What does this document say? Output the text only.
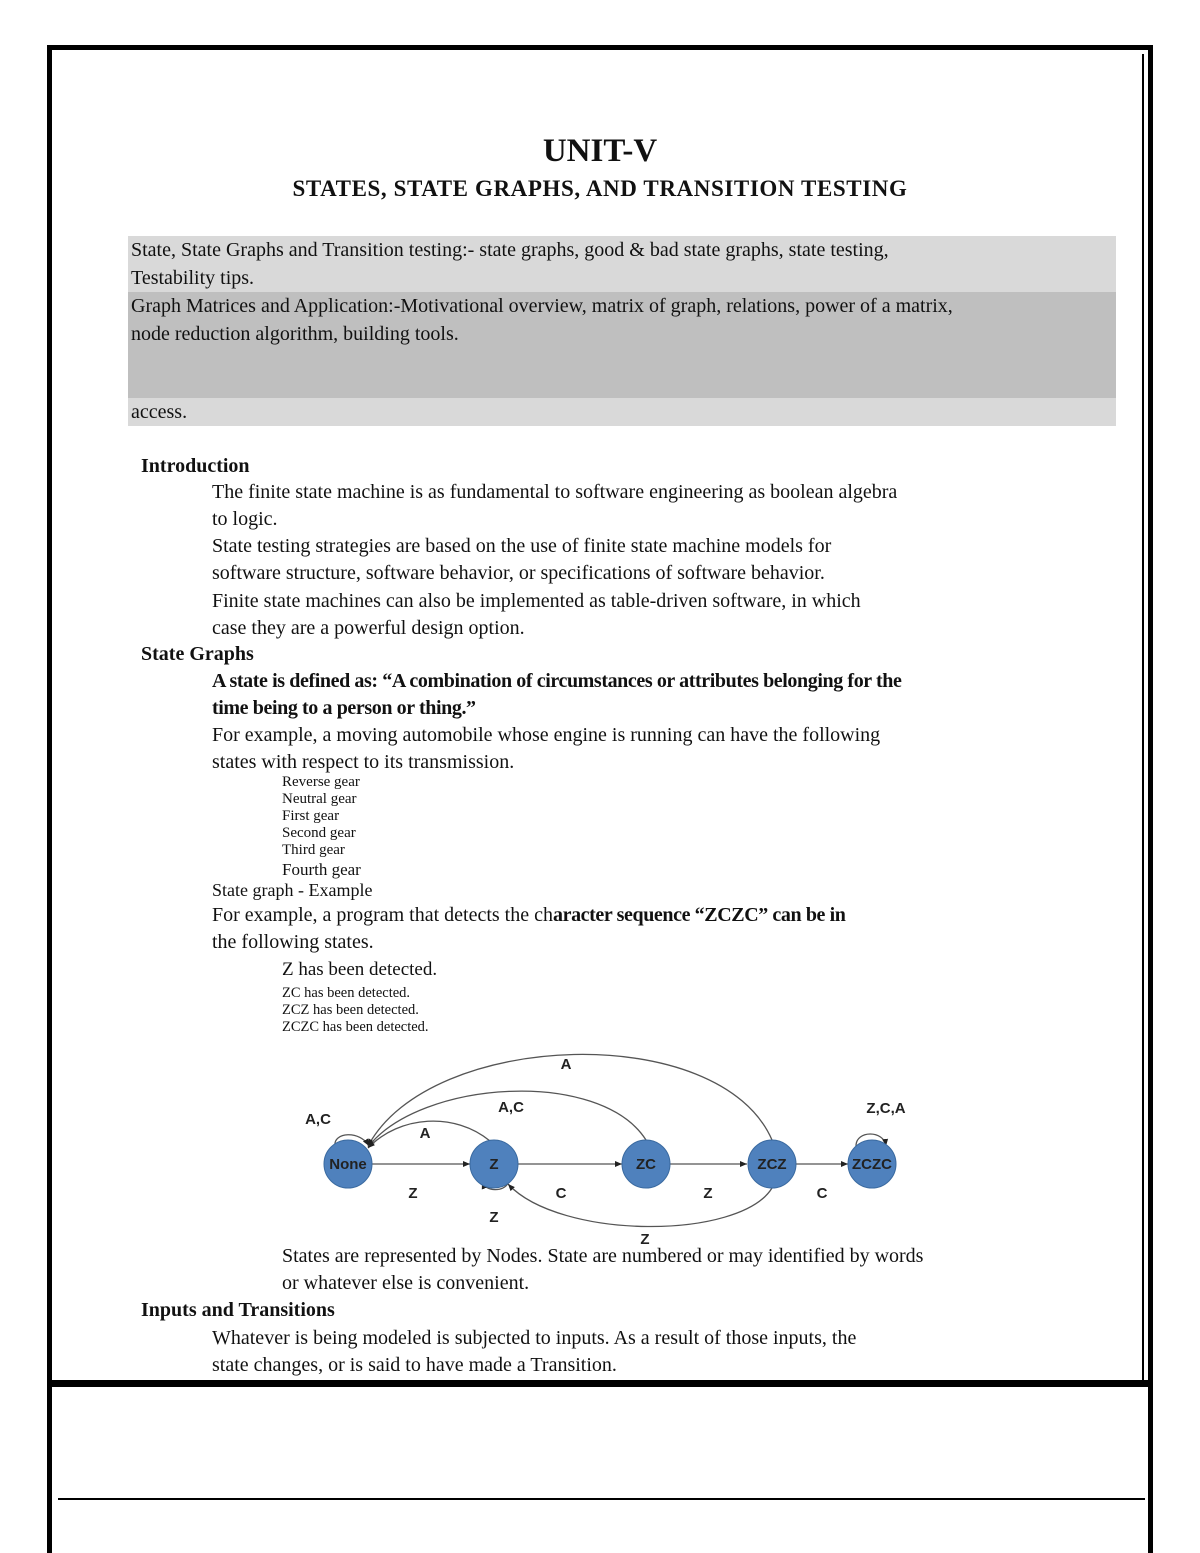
UNIT-V
STATES, STATE GRAPHS, AND TRANSITION TESTING
State, State Graphs and Transition testing:- state graphs, good & bad state graphs, state testing,
Testability tips.
Graph Matrices and Application:-Motivational overview, matrix of graph, relations, power of a matrix,
node reduction algorithm, building tools.
access.
Introduction
The finite state machine is as fundamental to software engineering as boolean algebra
to logic.
State testing strategies are based on the use of finite state machine models for
software structure, software behavior, or specifications of software behavior.
Finite state machines can also be implemented as table-driven software, in which
case they are a powerful design option.
State Graphs
A state is defined as: “A combination of circumstances or attributes belonging for the
time being to a person or thing.”
For example, a moving automobile whose engine is running can have the following
states with respect to its transmission.
Reverse gear
Neutral gear
First gear
Second gear
Third gear
Fourth gear
State graph - Example
For example, a program that detects the character sequence “ZCZC” can be in
the following states.
Z has been detected.
ZC has been detected.
ZCZ has been detected.
ZCZC has been detected.
None	Z	ZC	ZCZ	ZCZC
A,C
A
A,C
A
Z,C,A
Z	C	Z	C
Z
Z
States are represented by Nodes. State are numbered or may identified by words
or whatever else is convenient.
Inputs and Transitions
Whatever is being modeled is subjected to inputs. As a result of those inputs, the
state changes, or is said to have made a Transition.
